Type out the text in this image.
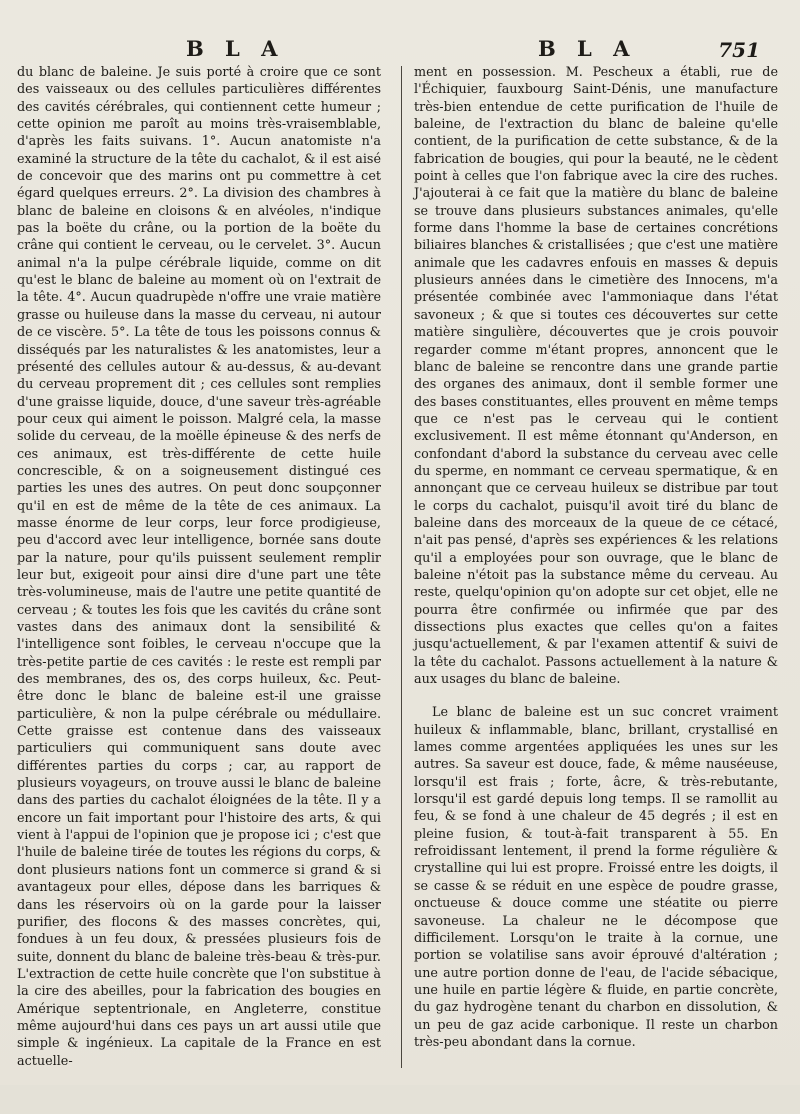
B L A	B L A	751

du blanc de baleine. Je suis porté à croire que ce sont des vaisseaux ou des cellules particulières différentes des cavités cérébrales, qui contiennent cette humeur ; cette opinion me paroît au moins très-vraisemblable, d'après les faits suivans. 1°. Aucun anatomiste n'a examiné la structure de la tête du cachalot, & il est aisé de concevoir que des marins ont pu commettre à cet égard quelques erreurs. 2°. La division des chambres à blanc de baleine en cloisons & en alvéoles, n'indique pas la boëte du crâne, ou la portion de la boëte du crâne qui contient le cerveau, ou le cervelet. 3°. Aucun animal n'a la pulpe cérébrale liquide, comme on dit qu'est le blanc de baleine au moment où on l'extrait de la tête. 4°. Aucun quadrupède n'offre une vraie matière grasse ou huileuse dans la masse du cerveau, ni autour de ce viscère. 5°. La tête de tous les poissons connus & disséqués par les naturalistes & les anatomistes, leur a présenté des cellules autour & au-dessus, & au-devant du cerveau proprement dit ; ces cellules sont remplies d'une graisse liquide, douce, d'une saveur très-agréable pour ceux qui aiment le poisson. Malgré cela, la masse solide du cerveau, de la moëlle épineuse & des nerfs de ces animaux, est très-différente de cette huile concrescible, & on a soigneusement distingué ces parties les unes des autres. On peut donc soupçonner qu'il en est de même de la tête de ces animaux. La masse énorme de leur corps, leur force prodigieuse, peu d'accord avec leur intelligence, bornée sans doute par la nature, pour qu'ils puissent seulement remplir leur but, exigeoit pour ainsi dire d'une part une tête très-volumineuse, mais de l'autre une petite quantité de cerveau ; & toutes les fois que les cavités du crâne sont vastes dans des animaux dont la sensibilité & l'intelligence sont foibles, le cerveau n'occupe que la très-petite partie de ces cavités : le reste est rempli par des membranes, des os, des corps huileux, &c. Peut-être donc le blanc de baleine est-il une graisse particulière, & non la pulpe cérébrale ou médullaire. Cette graisse est contenue dans des vaisseaux particuliers qui communiquent sans doute avec différentes parties du corps ; car, au rapport de plusieurs voyageurs, on trouve aussi le blanc de baleine dans des parties du cachalot éloignées de la tête. Il y a encore un fait important pour l'histoire des arts, & qui vient à l'appui de l'opinion que je propose ici ; c'est que l'huile de baleine tirée de toutes les régions du corps, & dont plusieurs nations font un commerce si grand & si avantageux pour elles, dépose dans les barriques & dans les réservoirs où on la garde pour la laisser purifier, des flocons & des masses concrètes, qui, fondues à un feu doux, & pressées plusieurs fois de suite, donnent du blanc de baleine très-beau & très-pur. L'extraction de cette huile concrète que l'on substitue à la cire des abeilles, pour la fabrication des bougies en Amérique septentrionale, en Angleterre, constitue même aujourd'hui dans ces pays un art aussi utile que simple & ingénieux. La capitale de la France en est actuelle-

ment en possession. M. Pescheux a établi, rue de l'Échiquier, fauxbourg Saint-Dénis, une manufacture très-bien entendue de cette purification de l'huile de baleine, de l'extraction du blanc de baleine qu'elle contient, de la purification de cette substance, & de la fabrication de bougies, qui pour la beauté, ne le cèdent point à celles que l'on fabrique avec la cire des ruches. J'ajouterai à ce fait que la matière du blanc de baleine se trouve dans plusieurs substances animales, qu'elle forme dans l'homme la base de certaines concrétions biliaires blanches & cristallisées ; que c'est une matière animale que les cadavres enfouis en masses & depuis plusieurs années dans le cimetière des Innocens, m'a présentée combinée avec l'ammoniaque dans l'état savoneux ; & que si toutes ces découvertes sur cette matière singulière, découvertes que je crois pouvoir regarder comme m'étant propres, annoncent que le blanc de baleine se rencontre dans une grande partie des organes des animaux, dont il semble former une des bases constituantes, elles prouvent en même temps que ce n'est pas le cerveau qui le contient exclusivement. Il est même étonnant qu'Anderson, en confondant d'abord la substance du cerveau avec celle du sperme, en nommant ce cerveau spermatique, & en annonçant que ce cerveau huileux se distribue par tout le corps du cachalot, puisqu'il avoit tiré du blanc de baleine dans des morceaux de la queue de ce cétacé, n'ait pas pensé, d'après ses expériences & les relations qu'il a employées pour son ouvrage, que le blanc de baleine n'étoit pas la substance même du cerveau. Au reste, quelqu'opinion qu'on adopte sur cet objet, elle ne pourra être confirmée ou infirmée que par des dissections plus exactes que celles qu'on a faites jusqu'actuellement, & par l'examen attentif & suivi de la tête du cachalot. Passons actuellement à la nature & aux usages du blanc de baleine.

Le blanc de baleine est un suc concret vraiment huileux & inflammable, blanc, brillant, crystallisé en lames comme argentées appliquées les unes sur les autres. Sa saveur est douce, fade, & même nauséeuse, lorsqu'il est frais ; forte, âcre, & très-rebutante, lorsqu'il est gardé depuis long temps. Il se ramollit au feu, & se fond à une chaleur de 45 degrés ; il est en pleine fusion, & tout-à-fait transparent à 55. En refroidissant lentement, il prend la forme régulière & crystalline qui lui est propre. Froissé entre les doigts, il se casse & se réduit en une espèce de poudre grasse, onctueuse & douce comme une stéatite ou pierre savoneuse. La chaleur ne le décompose que difficilement. Lorsqu'on le traite à la cornue, une portion se volatilise sans avoir éprouvé d'altération ; une autre portion donne de l'eau, de l'acide sébacique, une huile en partie légère & fluide, en partie concrète, du gaz hydrogène tenant du charbon en dissolution, & un peu de gaz acide carbonique. Il reste un charbon très-peu abondant dans la cornue.
